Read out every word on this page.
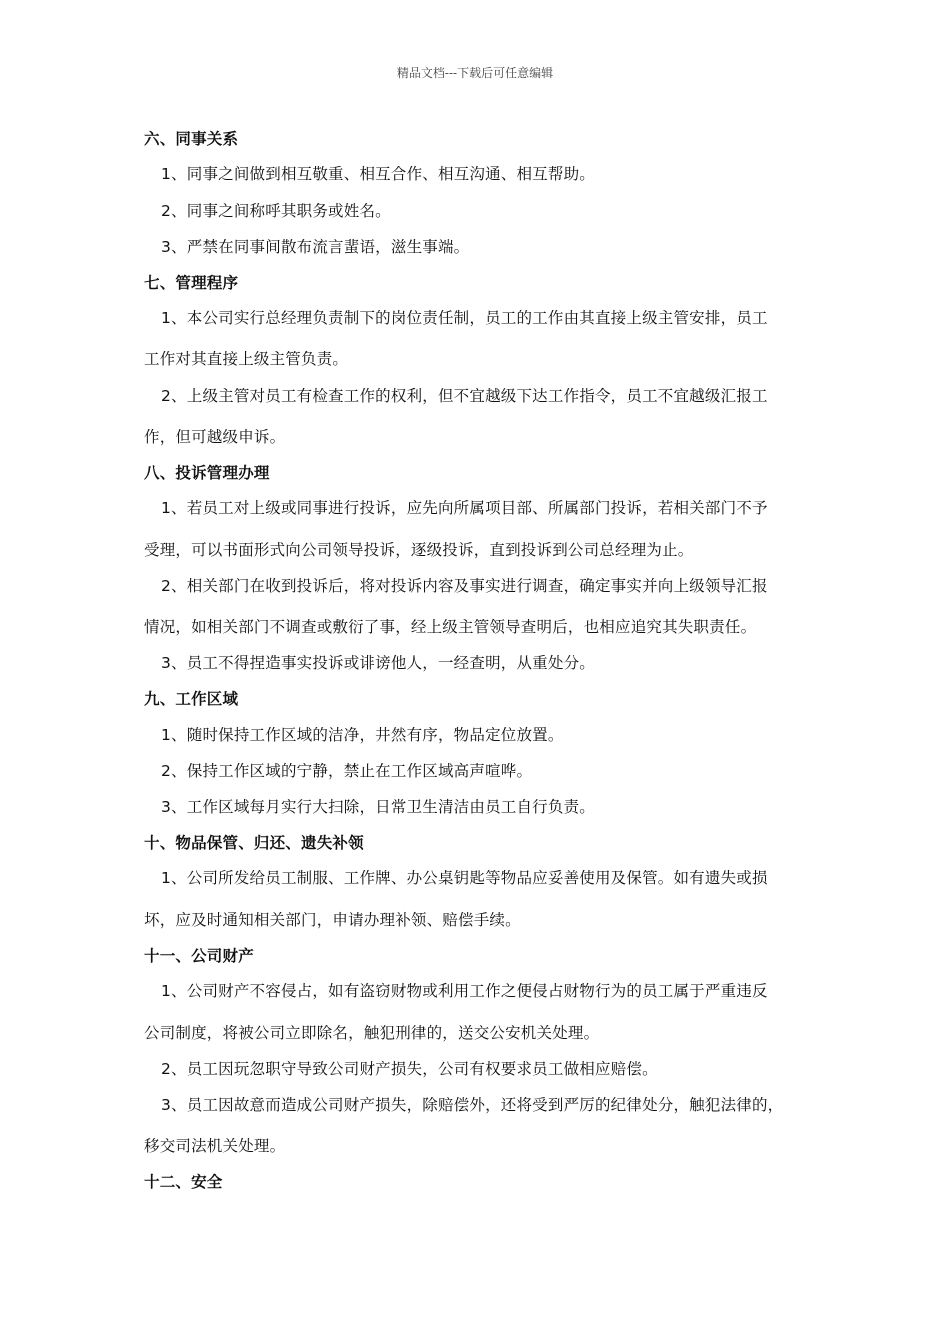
精品文档---下载后可任意编辑
六、同事关系
1、同事之间做到相互敬重、相互合作、相互沟通、相互帮助。
2、同事之间称呼其职务或姓名。
3、严禁在同事间散布流言蜚语，滋生事端。
七、管理程序
1、本公司实行总经理负责制下的岗位责任制，员工的工作由其直接上级主管安排，员工
工作对其直接上级主管负责。
2、上级主管对员工有检查工作的权利，但不宜越级下达工作指令，员工不宜越级汇报工
作，但可越级申诉。
八、投诉管理办理
1、若员工对上级或同事进行投诉，应先向所属项目部、所属部门投诉，若相关部门不予
受理，可以书面形式向公司领导投诉，逐级投诉，直到投诉到公司总经理为止。
2、相关部门在收到投诉后，将对投诉内容及事实进行调查，确定事实并向上级领导汇报
情况，如相关部门不调查或敷衍了事，经上级主管领导查明后，也相应追究其失职责任。
3、员工不得捏造事实投诉或诽谤他人，一经查明，从重处分。
九、工作区域
1、随时保持工作区域的洁净，井然有序，物品定位放置。
2、保持工作区域的宁静，禁止在工作区域高声喧哗。
3、工作区域每月实行大扫除，日常卫生清洁由员工自行负责。
十、物品保管、归还、遗失补领
1、公司所发给员工制服、工作牌、办公桌钥匙等物品应妥善使用及保管。如有遗失或损
坏，应及时通知相关部门，申请办理补领、赔偿手续。
十一、公司财产
1、公司财产不容侵占，如有盗窃财物或利用工作之便侵占财物行为的员工属于严重违反
公司制度，将被公司立即除名，触犯刑律的，送交公安机关处理。
2、员工因玩忽职守导致公司财产损失，公司有权要求员工做相应赔偿。
3、员工因故意而造成公司财产损失，除赔偿外，还将受到严厉的纪律处分，触犯法律的，
移交司法机关处理。
十二、安全
